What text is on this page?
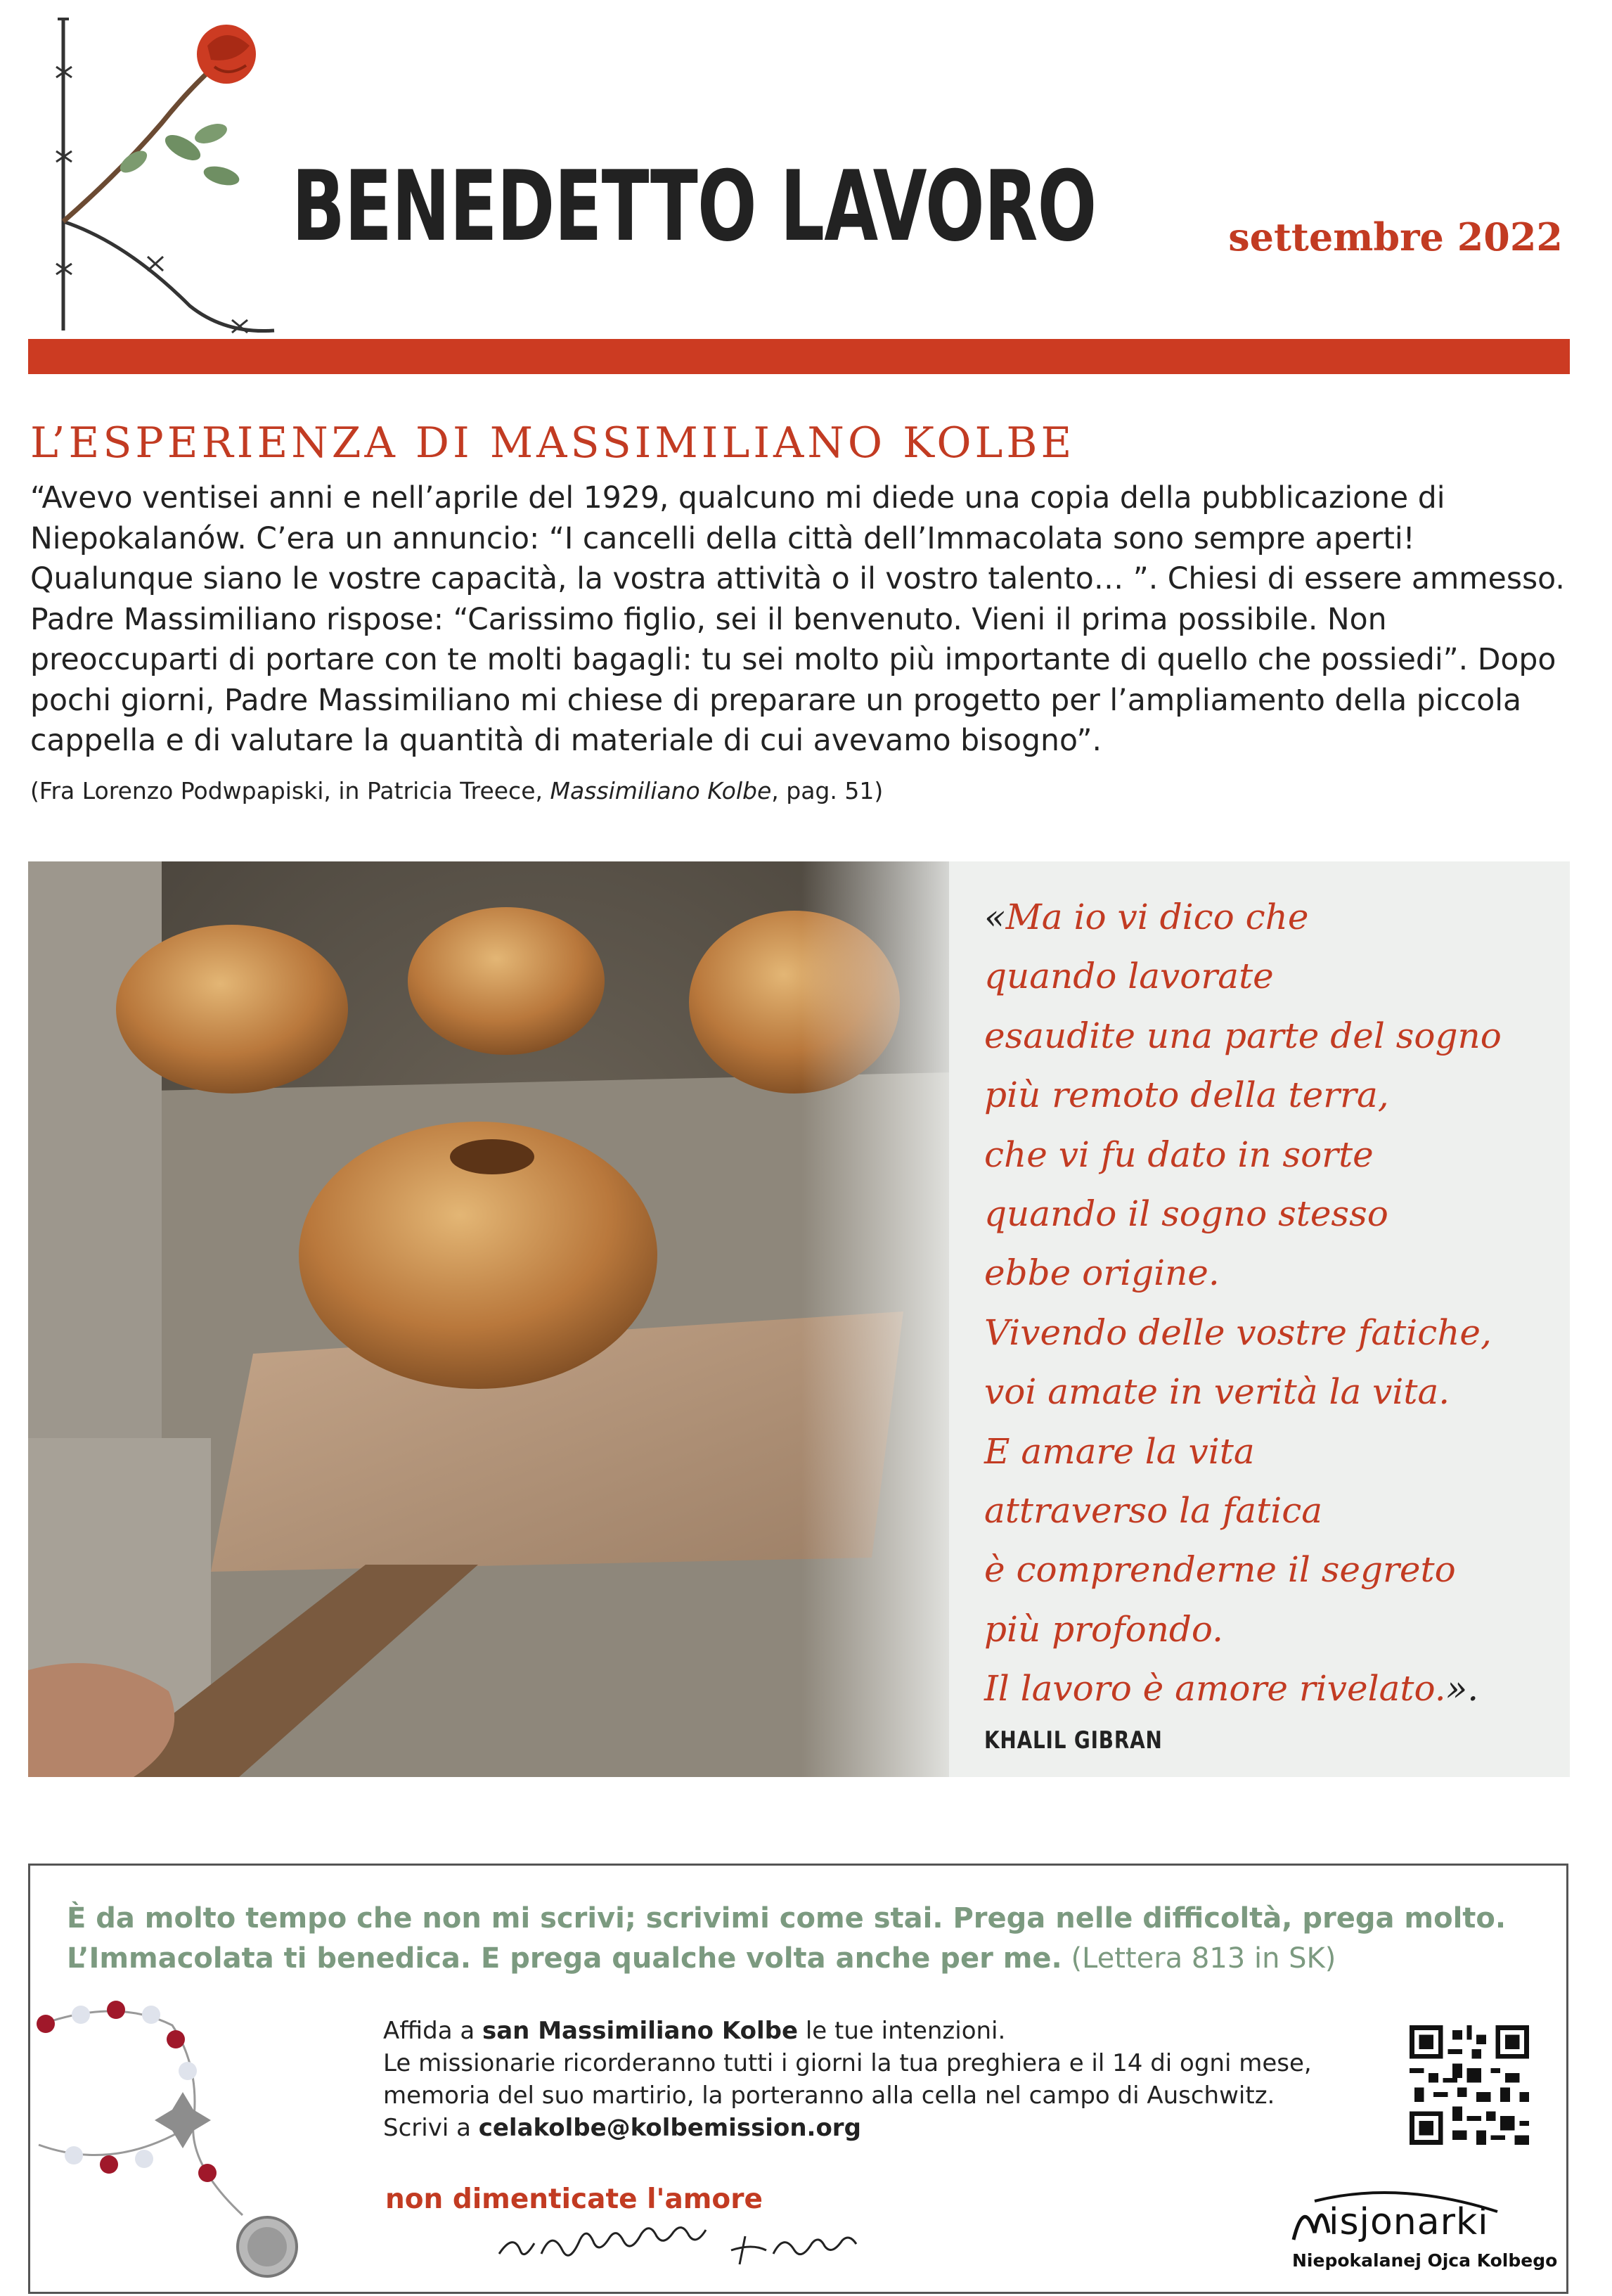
BENEDETTO LAVORO	settembre 2022
L’ESPERIENZA DI MASSIMILIANO KOLBE
“Avevo ventisei anni e nell’aprile del 1929, qualcuno mi diede una copia della pubblicazione di Niepokalanów. C’era un annuncio: “I cancelli della città dell’Immacolata sono sempre aperti! Qualunque siano le vostre capacità, la vostra attività o il vostro talento… ”. Chiesi di essere ammesso. Padre Massimiliano rispose: “Carissimo figlio, sei il benvenuto. Vieni il prima possibile. Non preoccuparti di portare con te molti bagagli: tu sei molto più importante di quello che possiedi”. Dopo pochi giorni, Padre Massimiliano mi chiese di preparare un progetto per l’ampliamento della piccola cappella e di valutare la quantità di materiale di cui avevamo bisogno”.
(Fra Lorenzo Podwpapiski, in Patricia Treece, Massimiliano Kolbe, pag. 51)
«Ma io vi dico che
quando lavorate
esaudite una parte del sogno
più remoto della terra,
che vi fu dato in sorte
quando il sogno stesso
ebbe origine.
Vivendo delle vostre fatiche,
voi amate in verità la vita.
E amare la vita
attraverso la fatica
è comprenderne il segreto
più profondo.
Il lavoro è amore rivelato.».
KHALIL GIBRAN
È da molto tempo che non mi scrivi; scrivimi come stai. Prega nelle difficoltà, prega molto. L’Immacolata ti benedica. E prega qualche volta anche per me. (Lettera 813 in SK)
Affida a san Massimiliano Kolbe le tue intenzioni.
Le missionarie ricorderanno tutti i giorni la tua preghiera e il 14 di ogni mese, memoria del suo martirio, la porteranno alla cella nel campo di Auschwitz.
Scrivi a celakolbe@kolbemission.org
non dimenticate l'amore
isjonarki
Niepokalanej Ojca Kolbego
